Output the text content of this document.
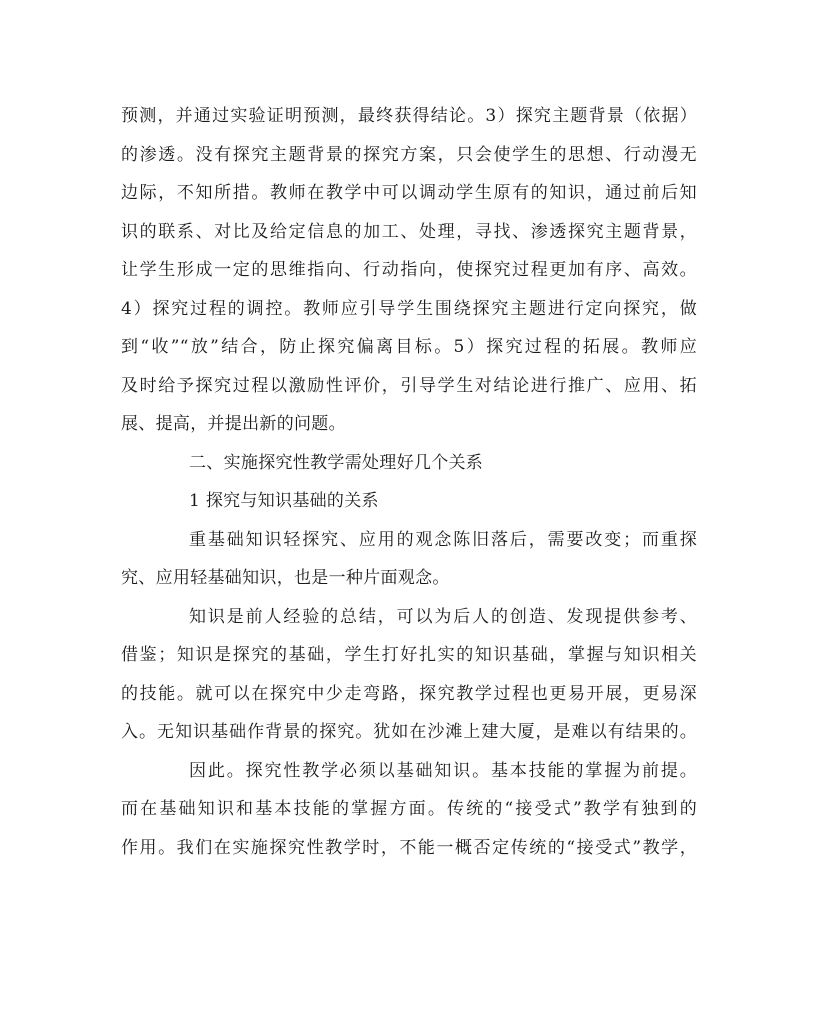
预测，并通过实验证明预测，最终获得结论。3）探究主题背景（依据）
的渗透。没有探究主题背景的探究方案，只会使学生的思想、行动漫无
边际，不知所措。教师在教学中可以调动学生原有的知识，通过前后知
识的联系、对比及给定信息的加工、处理，寻找、渗透探究主题背景，
让学生形成一定的思维指向、行动指向，使探究过程更加有序、高效。
4）探究过程的调控。教师应引导学生围绕探究主题进行定向探究，做
到“收”“放”结合，防止探究偏离目标。5）探究过程的拓展。教师应
及时给予探究过程以激励性评价，引导学生对结论进行推广、应用、拓
展、提高，并提出新的问题。
二、实施探究性教学需处理好几个关系
1 探究与知识基础的关系
重基础知识轻探究、应用的观念陈旧落后，需要改变；而重探
究、应用轻基础知识，也是一种片面观念。
知识是前人经验的总结，可以为后人的创造、发现提供参考、
借鉴；知识是探究的基础，学生打好扎实的知识基础，掌握与知识相关
的技能。就可以在探究中少走弯路，探究教学过程也更易开展，更易深
入。无知识基础作背景的探究。犹如在沙滩上建大厦，是难以有结果的。
因此。探究性教学必须以基础知识。基本技能的掌握为前提。
而在基础知识和基本技能的掌握方面。传统的“接受式”教学有独到的
作用。我们在实施探究性教学时，不能一概否定传统的“接受式”教学，
